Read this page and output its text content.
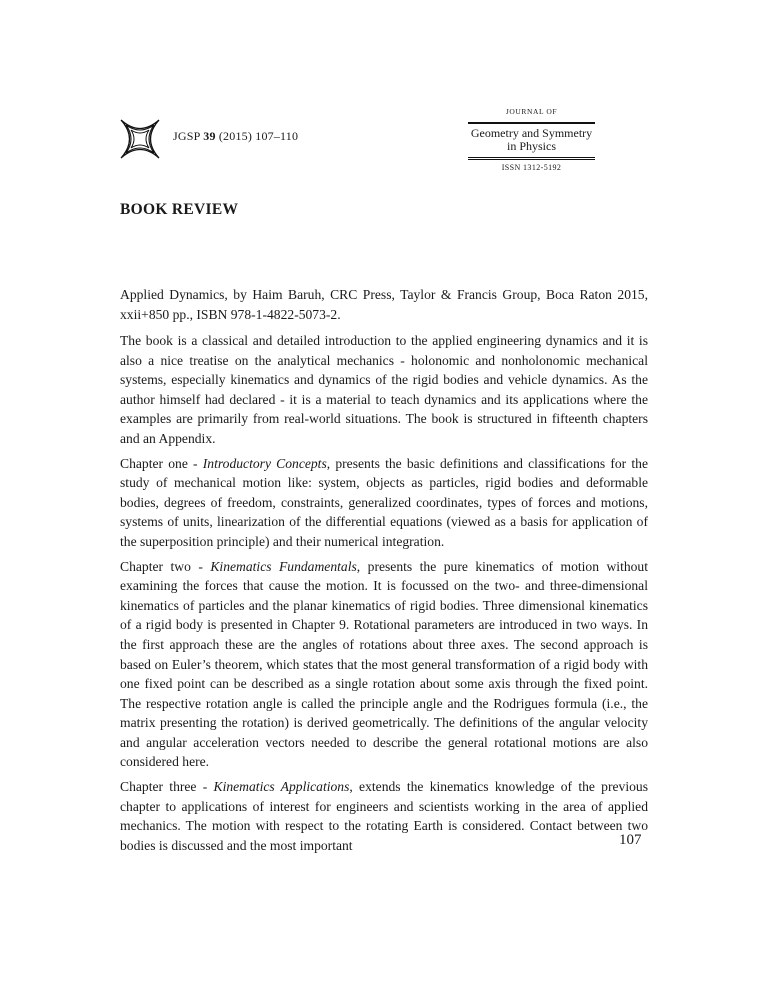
JGSP 39 (2015) 107–110
JOURNAL OF
Geometry and Symmetry
in Physics
ISSN 1312-5192
BOOK REVIEW
Applied Dynamics, by Haim Baruh, CRC Press, Taylor & Francis Group, Boca Raton 2015, xxii+850 pp., ISBN 978-1-4822-5073-2.

The book is a classical and detailed introduction to the applied engineering dynamics and it is also a nice treatise on the analytical mechanics - holonomic and nonholonomic mechanical systems, especially kinematics and dynamics of the rigid bodies and vehicle dynamics. As the author himself had declared - it is a material to teach dynamics and its applications where the examples are primarily from real-world situations. The book is structured in fifteenth chapters and an Appendix.

Chapter one - Introductory Concepts, presents the basic definitions and classifications for the study of mechanical motion like: system, objects as particles, rigid bodies and deformable bodies, degrees of freedom, constraints, generalized coordinates, types of forces and motions, systems of units, linearization of the differential equations (viewed as a basis for application of the superposition principle) and their numerical integration.

Chapter two - Kinematics Fundamentals, presents the pure kinematics of motion without examining the forces that cause the motion. It is focussed on the two- and three-dimensional kinematics of particles and the planar kinematics of rigid bodies. Three dimensional kinematics of a rigid body is presented in Chapter 9. Rotational parameters are introduced in two ways. In the first approach these are the angles of rotations about three axes. The second approach is based on Euler’s theorem, which states that the most general transformation of a rigid body with one fixed point can be described as a single rotation about some axis through the fixed point. The respective rotation angle is called the principle angle and the Rodrigues formula (i.e., the matrix presenting the rotation) is derived geometrically. The definitions of the angular velocity and angular acceleration vectors needed to describe the general rotational motions are also considered here.

Chapter three - Kinematics Applications, extends the kinematics knowledge of the previous chapter to applications of interest for engineers and scientists working in the area of applied mechanics. The motion with respect to the rotating Earth is considered. Contact between two bodies is discussed and the most important	107
